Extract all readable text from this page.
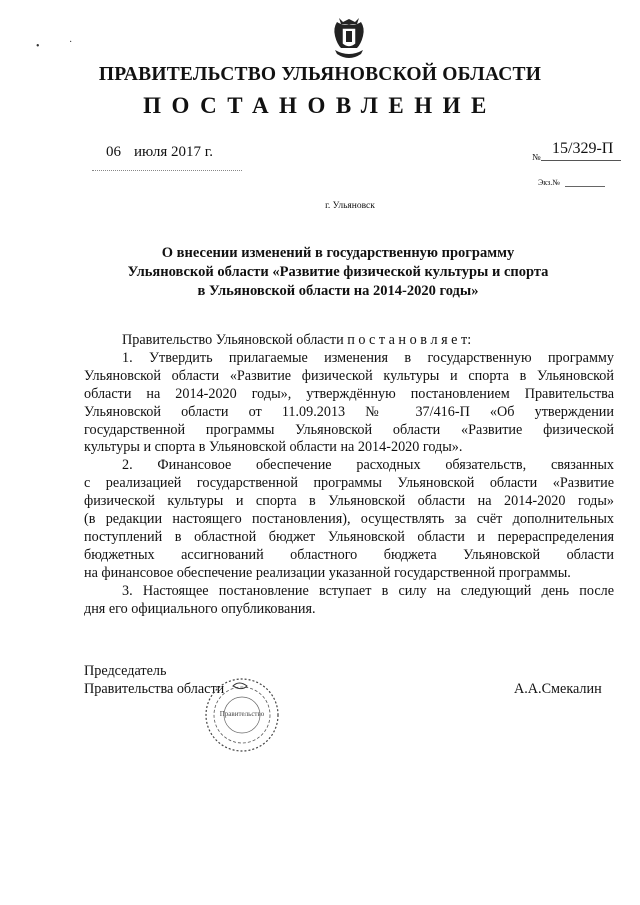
•	·
ПРАВИТЕЛЬСТВО УЛЬЯНОВСКОЙ ОБЛАСТИ
ПОСТАНОВЛЕНИЕ
06 июля 2017 г.	№ 15/329-П
Экз.№
г. Ульяновск
О внесении изменений в государственную программу
Ульяновской области «Развитие физической культуры и спорта
в Ульяновской области на 2014-2020 годы»
Правительство Ульяновской области п о с т а н о в л я е т:
1. Утвердить прилагаемые изменения в государственную программу
Ульяновской области «Развитие физической культуры и спорта в Ульяновской
области на 2014-2020 годы», утверждённую постановлением Правительства
Ульяновской области от 11.09.2013 № 37/416-П «Об утверждении
государственной программы Ульяновской области «Развитие физической
культуры и спорта в Ульяновской области на 2014-2020 годы».
2. Финансовое обеспечение расходных обязательств, связанных
с реализацией государственной программы Ульяновской области «Развитие
физической культуры и спорта в Ульяновской области на 2014-2020 годы»
(в редакции настоящего постановления), осуществлять за счёт дополнительных
поступлений в областной бюджет Ульяновской области и перераспределения
бюджетных ассигнований областного бюджета Ульяновской области
на финансовое обеспечение реализации указанной государственной программы.
3. Настоящее постановление вступает в силу на следующий день после
дня его официального опубликования.
Председатель
Правительства области	А.А.Смекалин
Правительство
